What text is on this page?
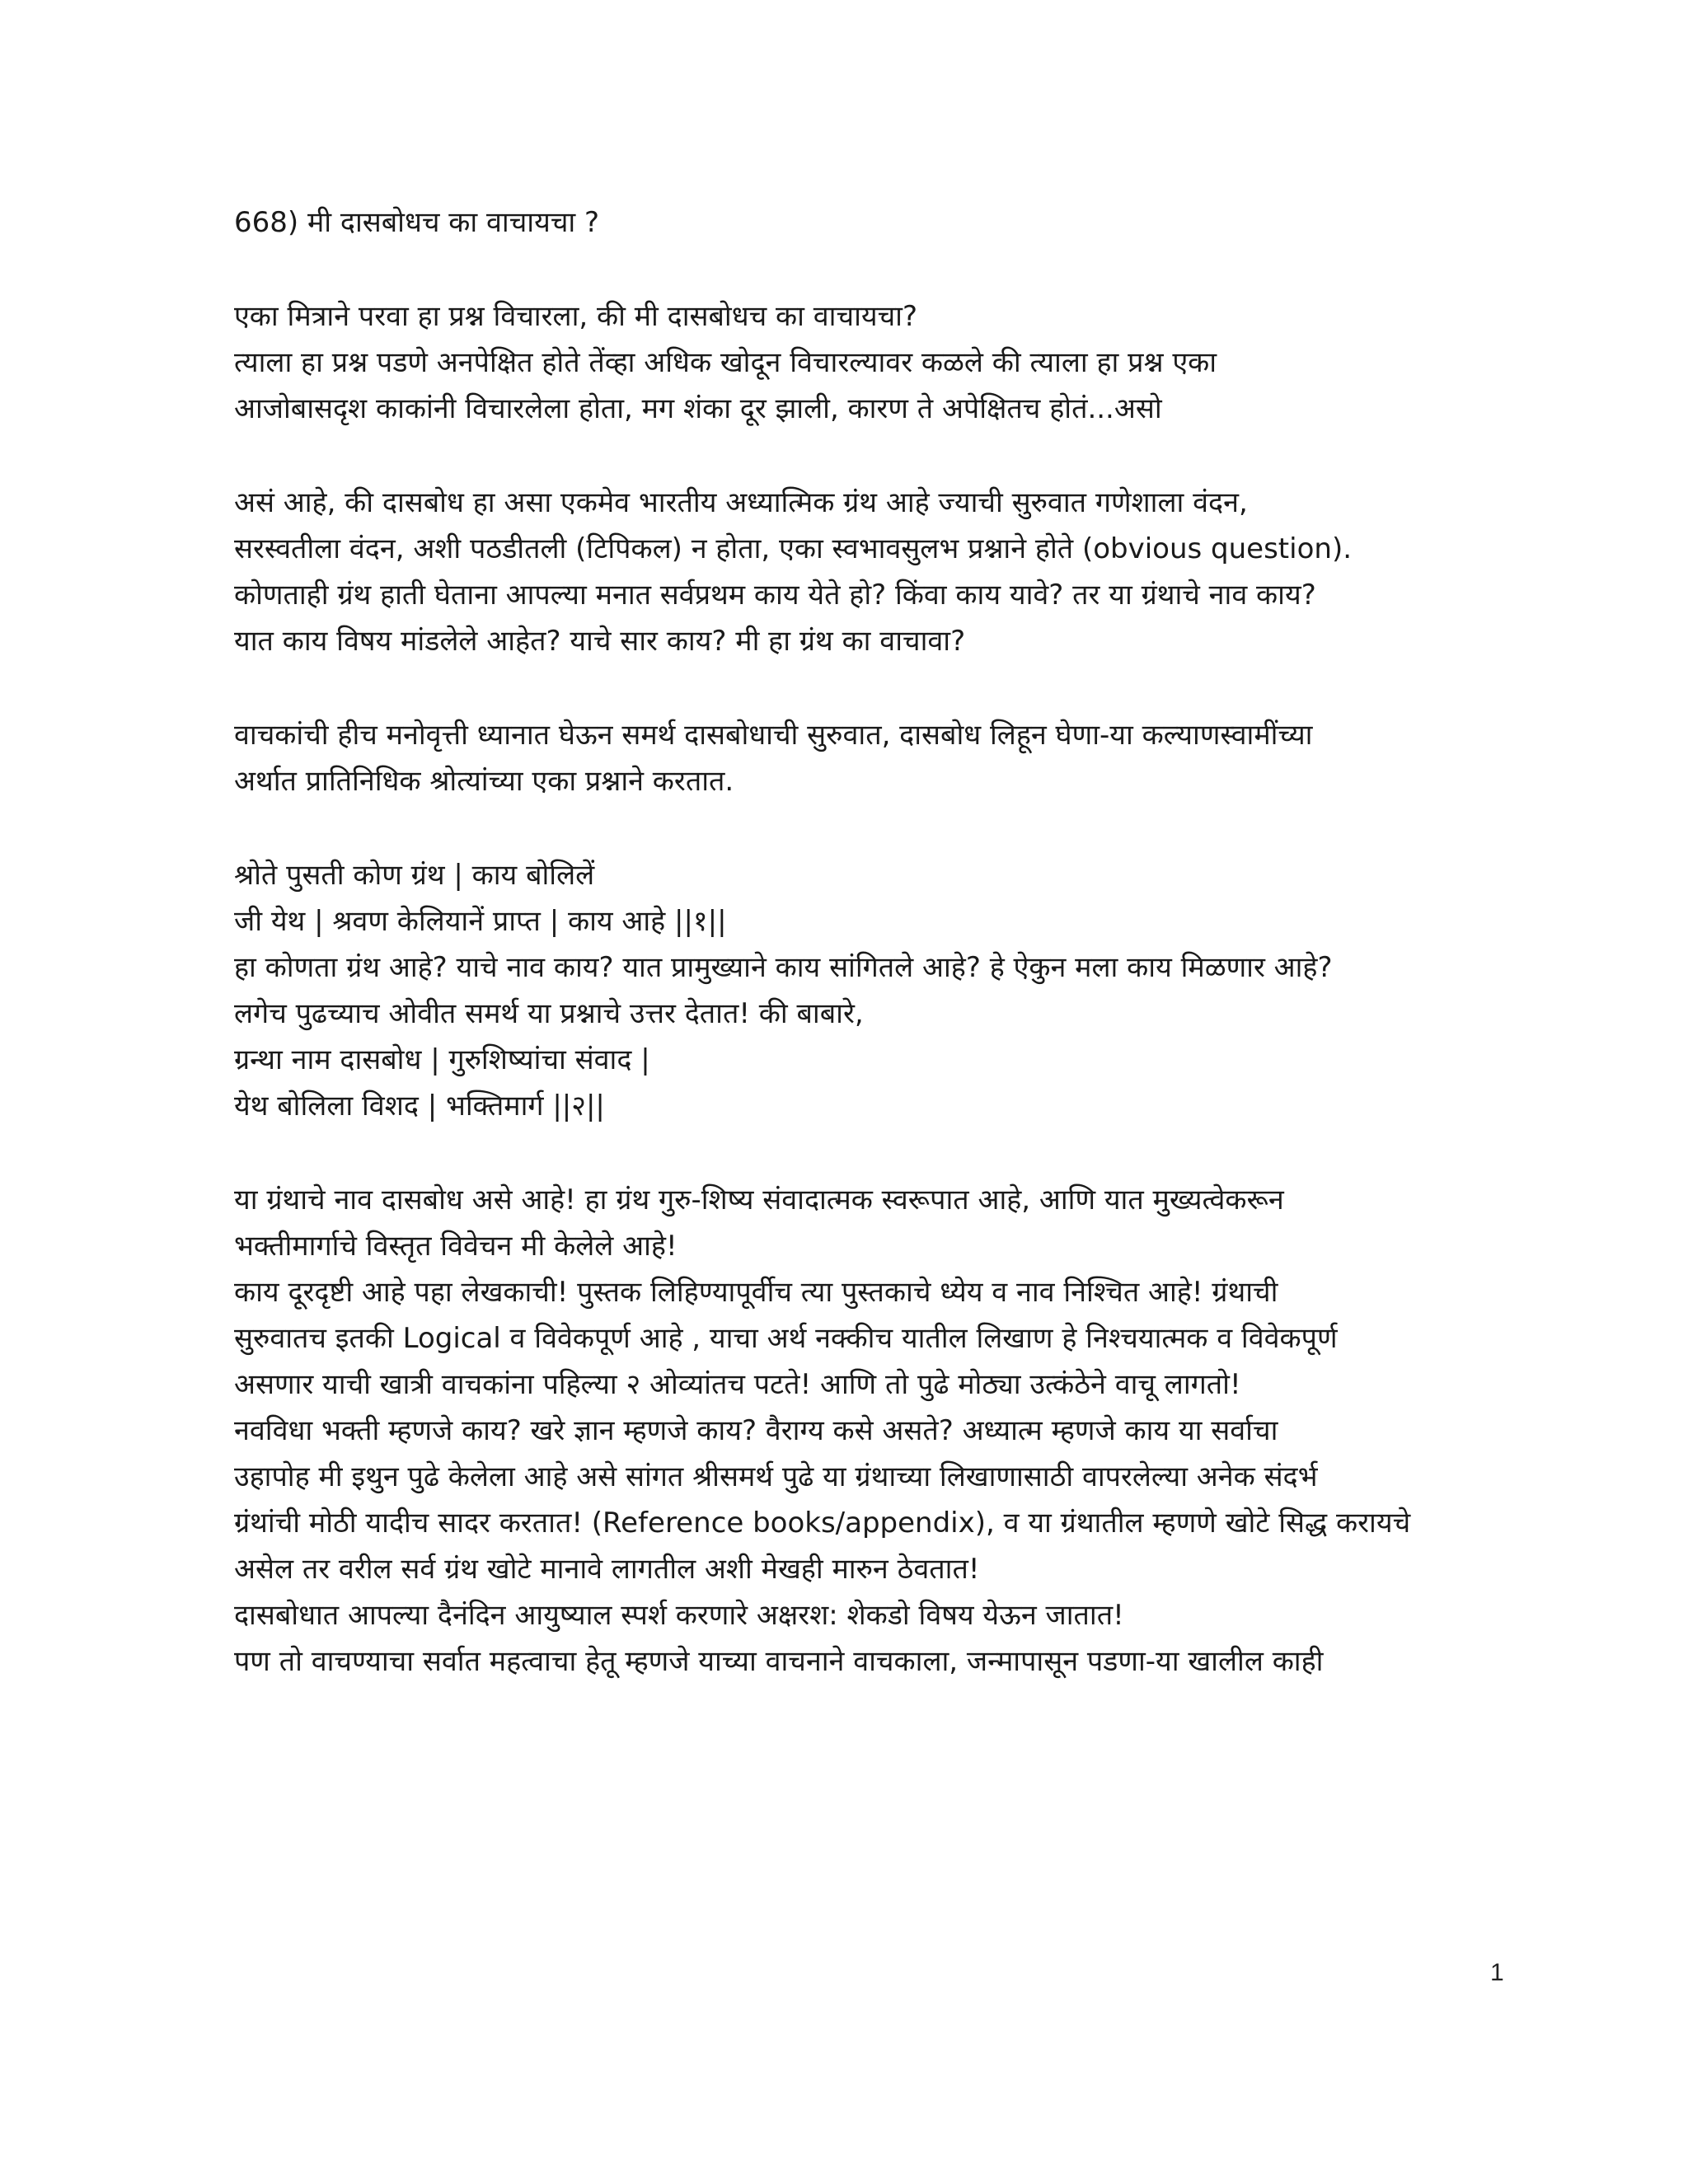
668) मी दासबोधच का वाचायचा ?

एका मित्राने परवा हा प्रश्न विचारला, की मी दासबोधच का वाचायचा?

त्याला हा प्रश्न पडणे अनपेक्षित होते तेंव्हा अधिक खोदून विचारल्यावर कळले की त्याला हा प्रश्न एका

आजोबासदृश काकांनी विचारलेला होता, मग शंका दूर झाली, कारण ते अपेक्षितच होतं...असो

असं आहे, की दासबोध हा असा एकमेव भारतीय अध्यात्मिक ग्रंथ आहे ज्याची सुरुवात गणेशाला वंदन,

सरस्वतीला वंदन, अशी पठडीतली (टिपिकल) न होता, एका स्वभावसुलभ प्रश्नाने होते (obvious question).

कोणताही ग्रंथ हाती घेताना आपल्या मनात सर्वप्रथम काय येते हो? किंवा काय यावे? तर या ग्रंथाचे नाव काय?

यात काय विषय मांडलेले आहेत? याचे सार काय? मी हा ग्रंथ का वाचावा?

वाचकांची हीच मनोवृत्ती ध्यानात घेऊन समर्थ दासबोधाची सुरुवात, दासबोध लिहून घेणा-या कल्याणस्वामींच्या

अर्थात प्रातिनिधिक श्रोत्यांच्या एका प्रश्नाने करतात.

श्रोते पुसती कोण ग्रंथ | काय बोलिलें

जी येथ | श्रवण केलियानें प्राप्त | काय आहे ||१||

हा कोणता ग्रंथ आहे? याचे नाव काय? यात प्रामुख्याने काय सांगितले आहे? हे ऐकुन मला काय मिळणार आहे?

लगेच पुढच्याच ओवीत समर्थ या प्रश्नाचे उत्तर देतात! की बाबारे,

ग्रन्था नाम दासबोध | गुरुशिष्यांचा संवाद |

येथ बोलिला विशद | भक्तिमार्ग ||२||

या ग्रंथाचे नाव दासबोध असे आहे! हा ग्रंथ गुरु-शिष्य संवादात्मक स्वरूपात आहे, आणि यात मुख्यत्वेकरून

भक्तीमार्गाचे विस्तृत विवेचन मी केलेले आहे!

काय दूरदृष्टी आहे पहा लेखकाची! पुस्तक लिहिण्यापूर्वीच त्या पुस्तकाचे ध्येय व नाव निश्चित आहे! ग्रंथाची

सुरुवातच इतकी Logical व विवेकपूर्ण आहे , याचा अर्थ नक्कीच यातील लिखाण हे निश्चयात्मक व विवेकपूर्ण

असणार याची खात्री वाचकांना पहिल्या २ ओव्यांतच पटते! आणि तो पुढे मोठ्या उत्कंठेने वाचू लागतो!

नवविधा भक्ती म्हणजे काय? खरे ज्ञान म्हणजे काय? वैराग्य कसे असते? अध्यात्म म्हणजे काय या सर्वाचा

उहापोह मी इथुन पुढे केलेला आहे असे सांगत श्रीसमर्थ पुढे या ग्रंथाच्या लिखाणासाठी वापरलेल्या अनेक संदर्भ

ग्रंथांची मोठी यादीच सादर करतात! (Reference books/appendix), व या ग्रंथातील म्हणणे खोटे सिद्ध करायचे

असेल तर वरील सर्व ग्रंथ खोटे मानावे लागतील अशी मेखही मारुन ठेवतात!

दासबोधात आपल्या दैनंदिन आयुष्याल स्पर्श करणारे अक्षरश: शेकडो विषय येऊन जातात!

पण तो वाचण्याचा सर्वात महत्वाचा हेतू म्हणजे याच्या वाचनाने वाचकाला, जन्मापासून पडणा-या खालील काही

1
